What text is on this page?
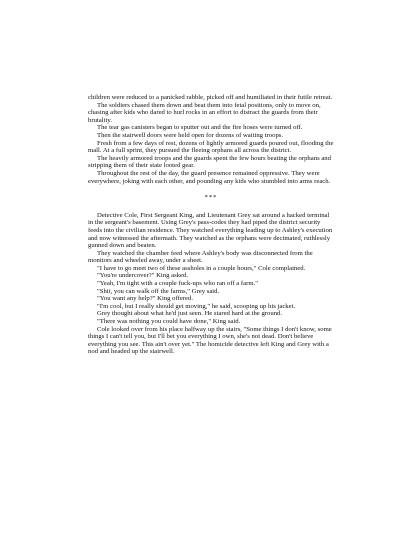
children were reduced to a panicked rabble, picked off and humiliated in their futile retreat.

The soldiers chased them down and beat them into fetal positions, only to move on, chasing after kids who dared to hurl rocks in an effort to distract the guards from their brutality.

The tear gas canisters began to sputter out and the fire hoses were turned off.

Then the stairwell doors were held open for dozens of waiting troops.

Fresh from a few days of rest, dozens of lightly armored guards poured out, flooding the mall. At a full sprint, they pursued the fleeing orphans all across the district.

The heavily armored troops and the guards spent the few hours beating the orphans and stripping them of their state looted gear.

Throughout the rest of the day, the guard presence remained oppressive. They were everywhere, joking with each other, and pounding any kids who stumbled into arms reach.

***

Detective Cole, First Sergeant King, and Lieutenant Grey sat around a hacked terminal in the sergeant's basement. Using Grey's pass-codes they had piped the district security feeds into the civilian residence. They watched everything leading up to Ashley's execution and now witnessed the aftermath. They watched as the orphans were decimated, ruthlessly gunned down and beaten.

They watched the chamber feed where Ashley's body was disconnected from the monitors and wheeled away, under a sheet.

"I have to go meet two of these assholes in a couple hours," Cole complained.

"You're undercover?" King asked.

"Yeah, I'm tight with a couple fuck-ups who ran off a farm."

"Shit, you can walk off the farms," Grey said.

"You want any help?" King offered.

"I'm cool, but I really should get moving," he said, scooping up his jacket.

Grey thought about what he'd just seen. He stared hard at the ground.

"There was nothing you could have done," King said.

Cole looked over from his place halfway up the stairs, "Some things I don't know, some things I can't tell you, but I'll bet you everything I own, she's not dead. Don't believe everything you see. This ain't over yet." The homicide detective left King and Grey with a nod and headed up the stairwell.
